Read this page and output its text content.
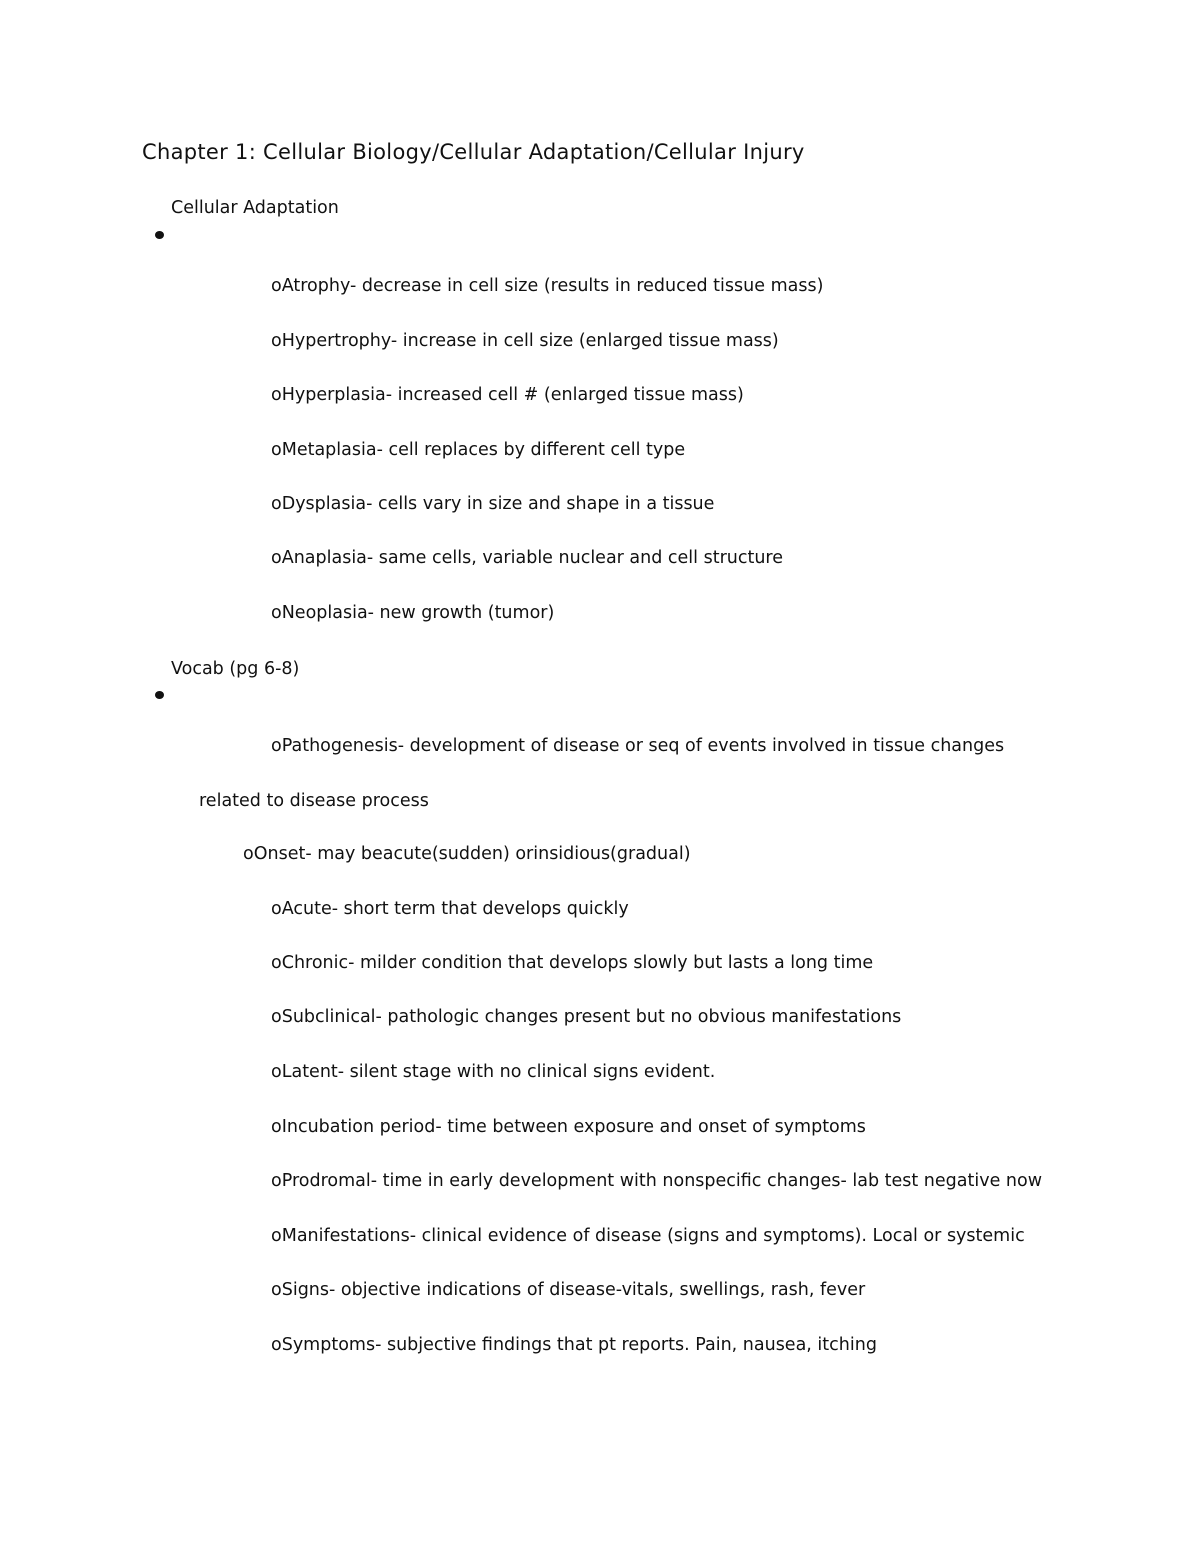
Chapter 1: Cellular Biology/Cellular Adaptation/Cellular Injury
Cellular Adaptation
oAtrophy- decrease in cell size (results in reduced tissue mass)
oHypertrophy- increase in cell size (enlarged tissue mass)
oHyperplasia- increased cell # (enlarged tissue mass)
oMetaplasia- cell replaces by different cell type
oDysplasia- cells vary in size and shape in a tissue
oAnaplasia- same cells, variable nuclear and cell structure
oNeoplasia- new growth (tumor)
Vocab (pg 6-8)
oPathogenesis- development of disease or seq of events involved in tissue changes
related to disease process
oOnset- may beacute(sudden) orinsidious(gradual)
oAcute- short term that develops quickly
oChronic- milder condition that develops slowly but lasts a long time
oSubclinical- pathologic changes present but no obvious manifestations
oLatent- silent stage with no clinical signs evident.
oIncubation period- time between exposure and onset of symptoms
oProdromal- time in early development with nonspecific changes- lab test negative now
oManifestations- clinical evidence of disease (signs and symptoms). Local or systemic
oSigns- objective indications of disease-vitals, swellings, rash, fever
oSymptoms- subjective findings that pt reports. Pain, nausea, itching
